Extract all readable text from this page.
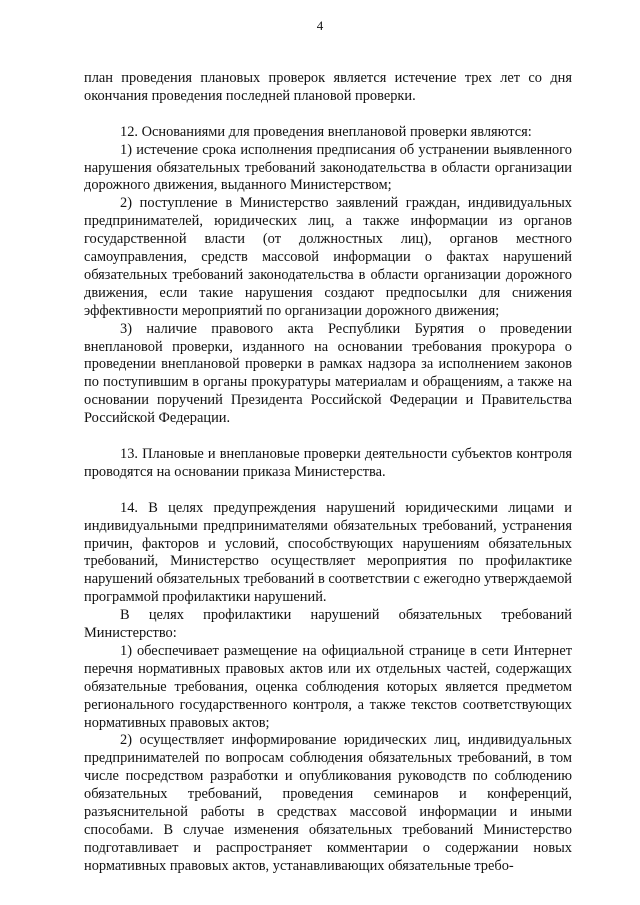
4

план проведения плановых проверок является истечение трех лет со дня окончания проведения последней плановой проверки.

12. Основаниями для проведения внеплановой проверки являются:

1) истечение срока исполнения предписания об устранении выявленного нарушения обязательных требований законодательства в области организации дорожного движения, выданного Министерством;

2) поступление в Министерство заявлений граждан, индивидуальных предпринимателей, юридических лиц, а также информации из органов государственной власти (от должностных лиц), органов местного самоуправления, средств массовой информации о фактах нарушений обязательных требований законодательства в области организации дорожного движения, если такие нарушения создают предпосылки для снижения эффективности мероприятий по организации дорожного движения;

3) наличие правового акта Республики Бурятия о проведении внеплановой проверки, изданного на основании требования прокурора о проведении внеплановой проверки в рамках надзора за исполнением законов по поступившим в органы прокуратуры материалам и обращениям, а также на основании поручений Президента Российской Федерации и Правительства Российской Федерации.

13. Плановые и внеплановые проверки деятельности субъектов контроля проводятся на основании приказа Министерства.

14. В целях предупреждения нарушений юридическими лицами и индивидуальными предпринимателями обязательных требований, устранения причин, факторов и условий, способствующих нарушениям обязательных требований, Министерство осуществляет мероприятия по профилактике нарушений обязательных требований в соответствии с ежегодно утверждаемой программой профилактики нарушений.

В целях профилактики нарушений обязательных требований Министерство:

1) обеспечивает размещение на официальной странице в сети Интернет перечня нормативных правовых актов или их отдельных частей, содержащих обязательные требования, оценка соблюдения которых является предметом регионального государственного контроля, а также текстов соответствующих нормативных правовых актов;

2) осуществляет информирование юридических лиц, индивидуальных предпринимателей по вопросам соблюдения обязательных требований, в том числе посредством разработки и опубликования руководств по соблюдению обязательных требований, проведения семинаров и конференций, разъяснительной работы в средствах массовой информации и иными способами. В случае изменения обязательных требований Министерство подготавливает и распространяет комментарии о содержании новых нормативных правовых актов, устанавливающих обязательные требо-
